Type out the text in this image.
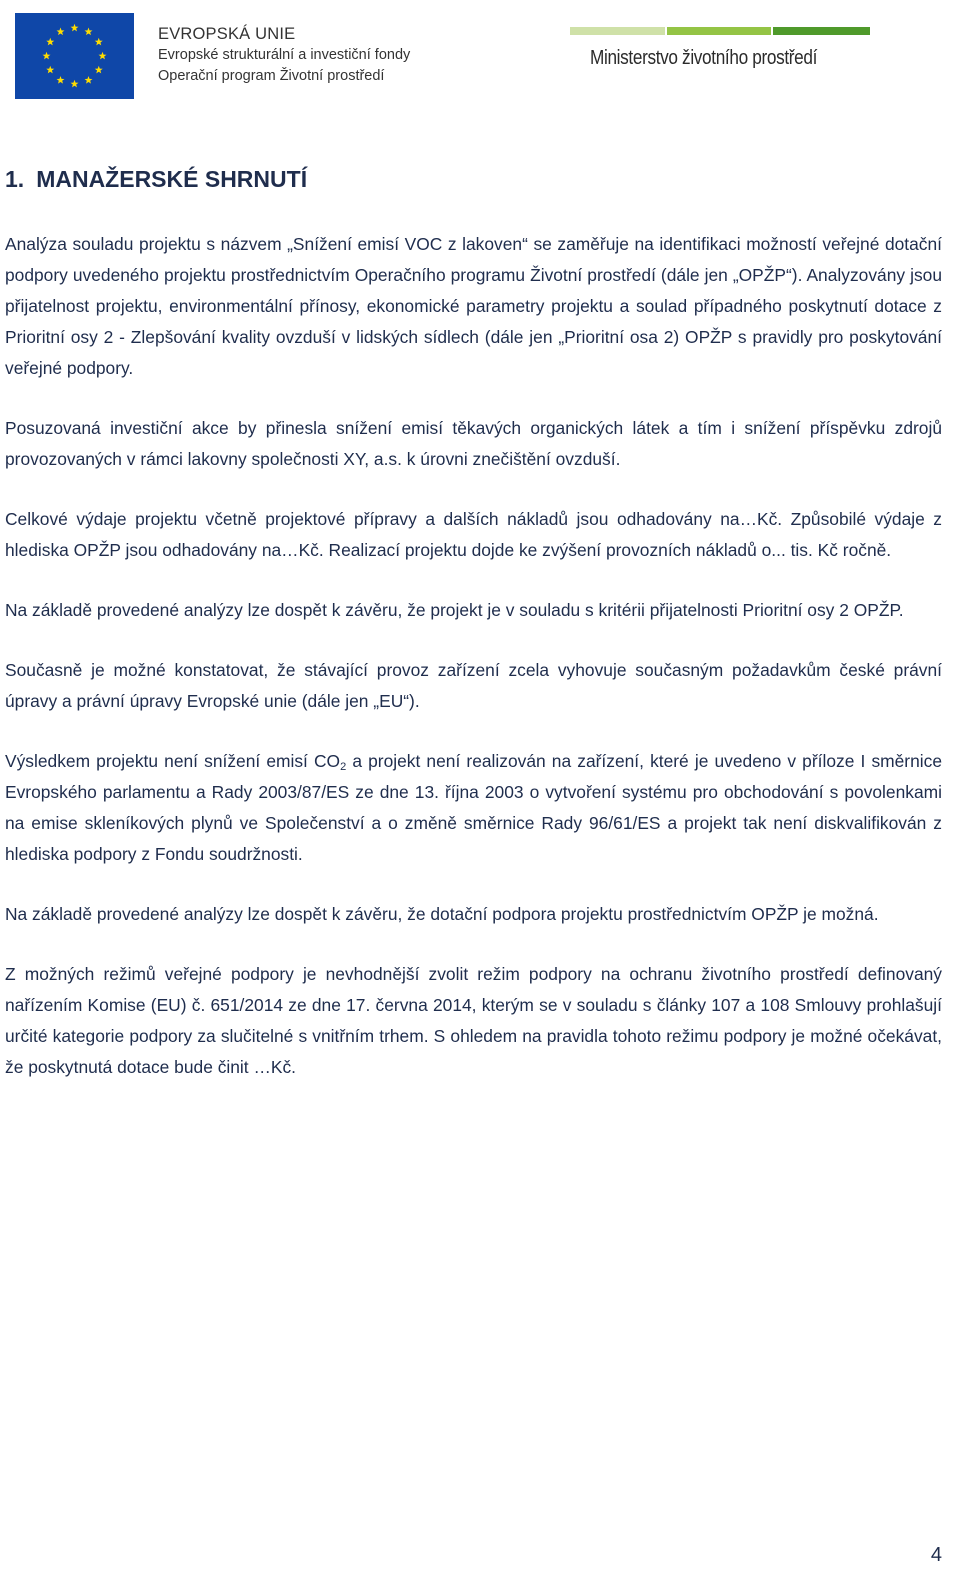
EVROPSKÁ UNIE
Evropské strukturální a investiční fondy
Operační program Životní prostředí
Ministerstvo životního prostředí
1. MANAŽERSKÉ SHRNUTÍ

Analýza souladu projektu s názvem „Snížení emisí VOC z lakoven“ se zaměřuje na identifikaci možností veřejné dotační podpory uvedeného projektu prostřednictvím Operačního programu Životní prostředí (dále jen „OPŽP“). Analyzovány jsou přijatelnost projektu, environmentální přínosy, ekonomické parametry projektu a soulad případného poskytnutí dotace z Prioritní osy 2 - Zlepšování kvality ovzduší v lidských sídlech (dále jen „Prioritní osa 2) OPŽP s pravidly pro poskytování veřejné podpory.

Posuzovaná investiční akce by přinesla snížení emisí těkavých organických látek a tím i snížení příspěvku zdrojů provozovaných v rámci lakovny společnosti XY, a.s. k úrovni znečištění ovzduší.

Celkové výdaje projektu včetně projektové přípravy a dalších nákladů jsou odhadovány na…Kč. Způsobilé výdaje z hlediska OPŽP jsou odhadovány na…Kč. Realizací projektu dojde ke zvýšení provozních nákladů o... tis. Kč ročně.

Na základě provedené analýzy lze dospět k závěru, že projekt je v souladu s kritérii přijatelnosti Prioritní osy 2 OPŽP.

Současně je možné konstatovat, že stávající provoz zařízení zcela vyhovuje současným požadavkům české právní úpravy a právní úpravy Evropské unie (dále jen „EU“).

Výsledkem projektu není snížení emisí $CO_2$ a projekt není realizován na zařízení, které je uvedeno v příloze I směrnice Evropského parlamentu a Rady 2003/87/ES ze dne 13. října 2003 o vytvoření systému pro obchodování s povolenkami na emise skleníkových plynů ve Společenství a o změně směrnice Rady 96/61/ES a projekt tak není diskvalifikován z hlediska podpory z Fondu soudržnosti.

Na základě provedené analýzy lze dospět k závěru, že dotační podpora projektu prostřednictvím OPŽP je možná.

Z možných režimů veřejné podpory je nevhodnější zvolit režim podpory na ochranu životního prostředí definovaný nařízením Komise (EU) č. 651/2014 ze dne 17. června 2014, kterým se v souladu s články 107 a 108 Smlouvy prohlašují určité kategorie podpory za slučitelné s vnitřním trhem. S ohledem na pravidla tohoto režimu podpory je možné očekávat, že poskytnutá dotace bude činit …Kč.

4
